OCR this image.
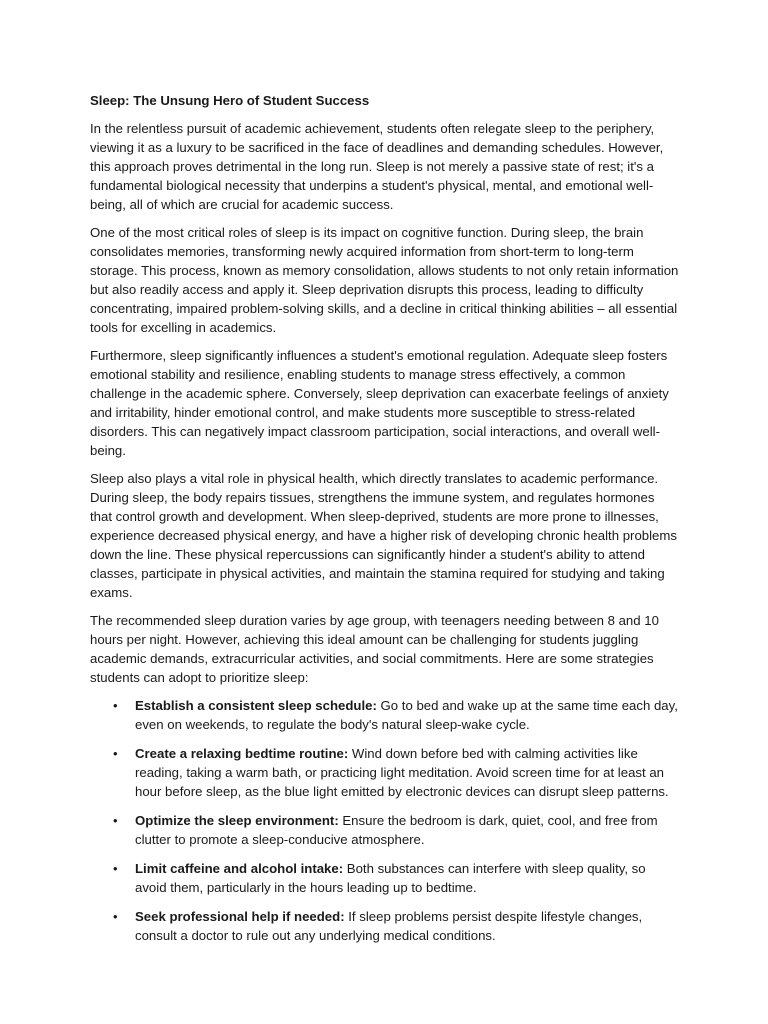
Sleep: The Unsung Hero of Student Success

In the relentless pursuit of academic achievement, students often relegate sleep to the periphery, viewing it as a luxury to be sacrificed in the face of deadlines and demanding schedules. However, this approach proves detrimental in the long run. Sleep is not merely a passive state of rest; it's a fundamental biological necessity that underpins a student's physical, mental, and emotional well-being, all of which are crucial for academic success.

One of the most critical roles of sleep is its impact on cognitive function. During sleep, the brain consolidates memories, transforming newly acquired information from short-term to long-term storage. This process, known as memory consolidation, allows students to not only retain information but also readily access and apply it. Sleep deprivation disrupts this process, leading to difficulty concentrating, impaired problem-solving skills, and a decline in critical thinking abilities – all essential tools for excelling in academics.

Furthermore, sleep significantly influences a student's emotional regulation. Adequate sleep fosters emotional stability and resilience, enabling students to manage stress effectively, a common challenge in the academic sphere. Conversely, sleep deprivation can exacerbate feelings of anxiety and irritability, hinder emotional control, and make students more susceptible to stress-related disorders. This can negatively impact classroom participation, social interactions, and overall well-being.

Sleep also plays a vital role in physical health, which directly translates to academic performance. During sleep, the body repairs tissues, strengthens the immune system, and regulates hormones that control growth and development. When sleep-deprived, students are more prone to illnesses, experience decreased physical energy, and have a higher risk of developing chronic health problems down the line. These physical repercussions can significantly hinder a student's ability to attend classes, participate in physical activities, and maintain the stamina required for studying and taking exams.

The recommended sleep duration varies by age group, with teenagers needing between 8 and 10 hours per night. However, achieving this ideal amount can be challenging for students juggling academic demands, extracurricular activities, and social commitments. Here are some strategies students can adopt to prioritize sleep:

• Establish a consistent sleep schedule: Go to bed and wake up at the same time each day, even on weekends, to regulate the body's natural sleep-wake cycle.
• Create a relaxing bedtime routine: Wind down before bed with calming activities like reading, taking a warm bath, or practicing light meditation. Avoid screen time for at least an hour before sleep, as the blue light emitted by electronic devices can disrupt sleep patterns.
• Optimize the sleep environment: Ensure the bedroom is dark, quiet, cool, and free from clutter to promote a sleep-conducive atmosphere.
• Limit caffeine and alcohol intake: Both substances can interfere with sleep quality, so avoid them, particularly in the hours leading up to bedtime.
• Seek professional help if needed: If sleep problems persist despite lifestyle changes, consult a doctor to rule out any underlying medical conditions.
